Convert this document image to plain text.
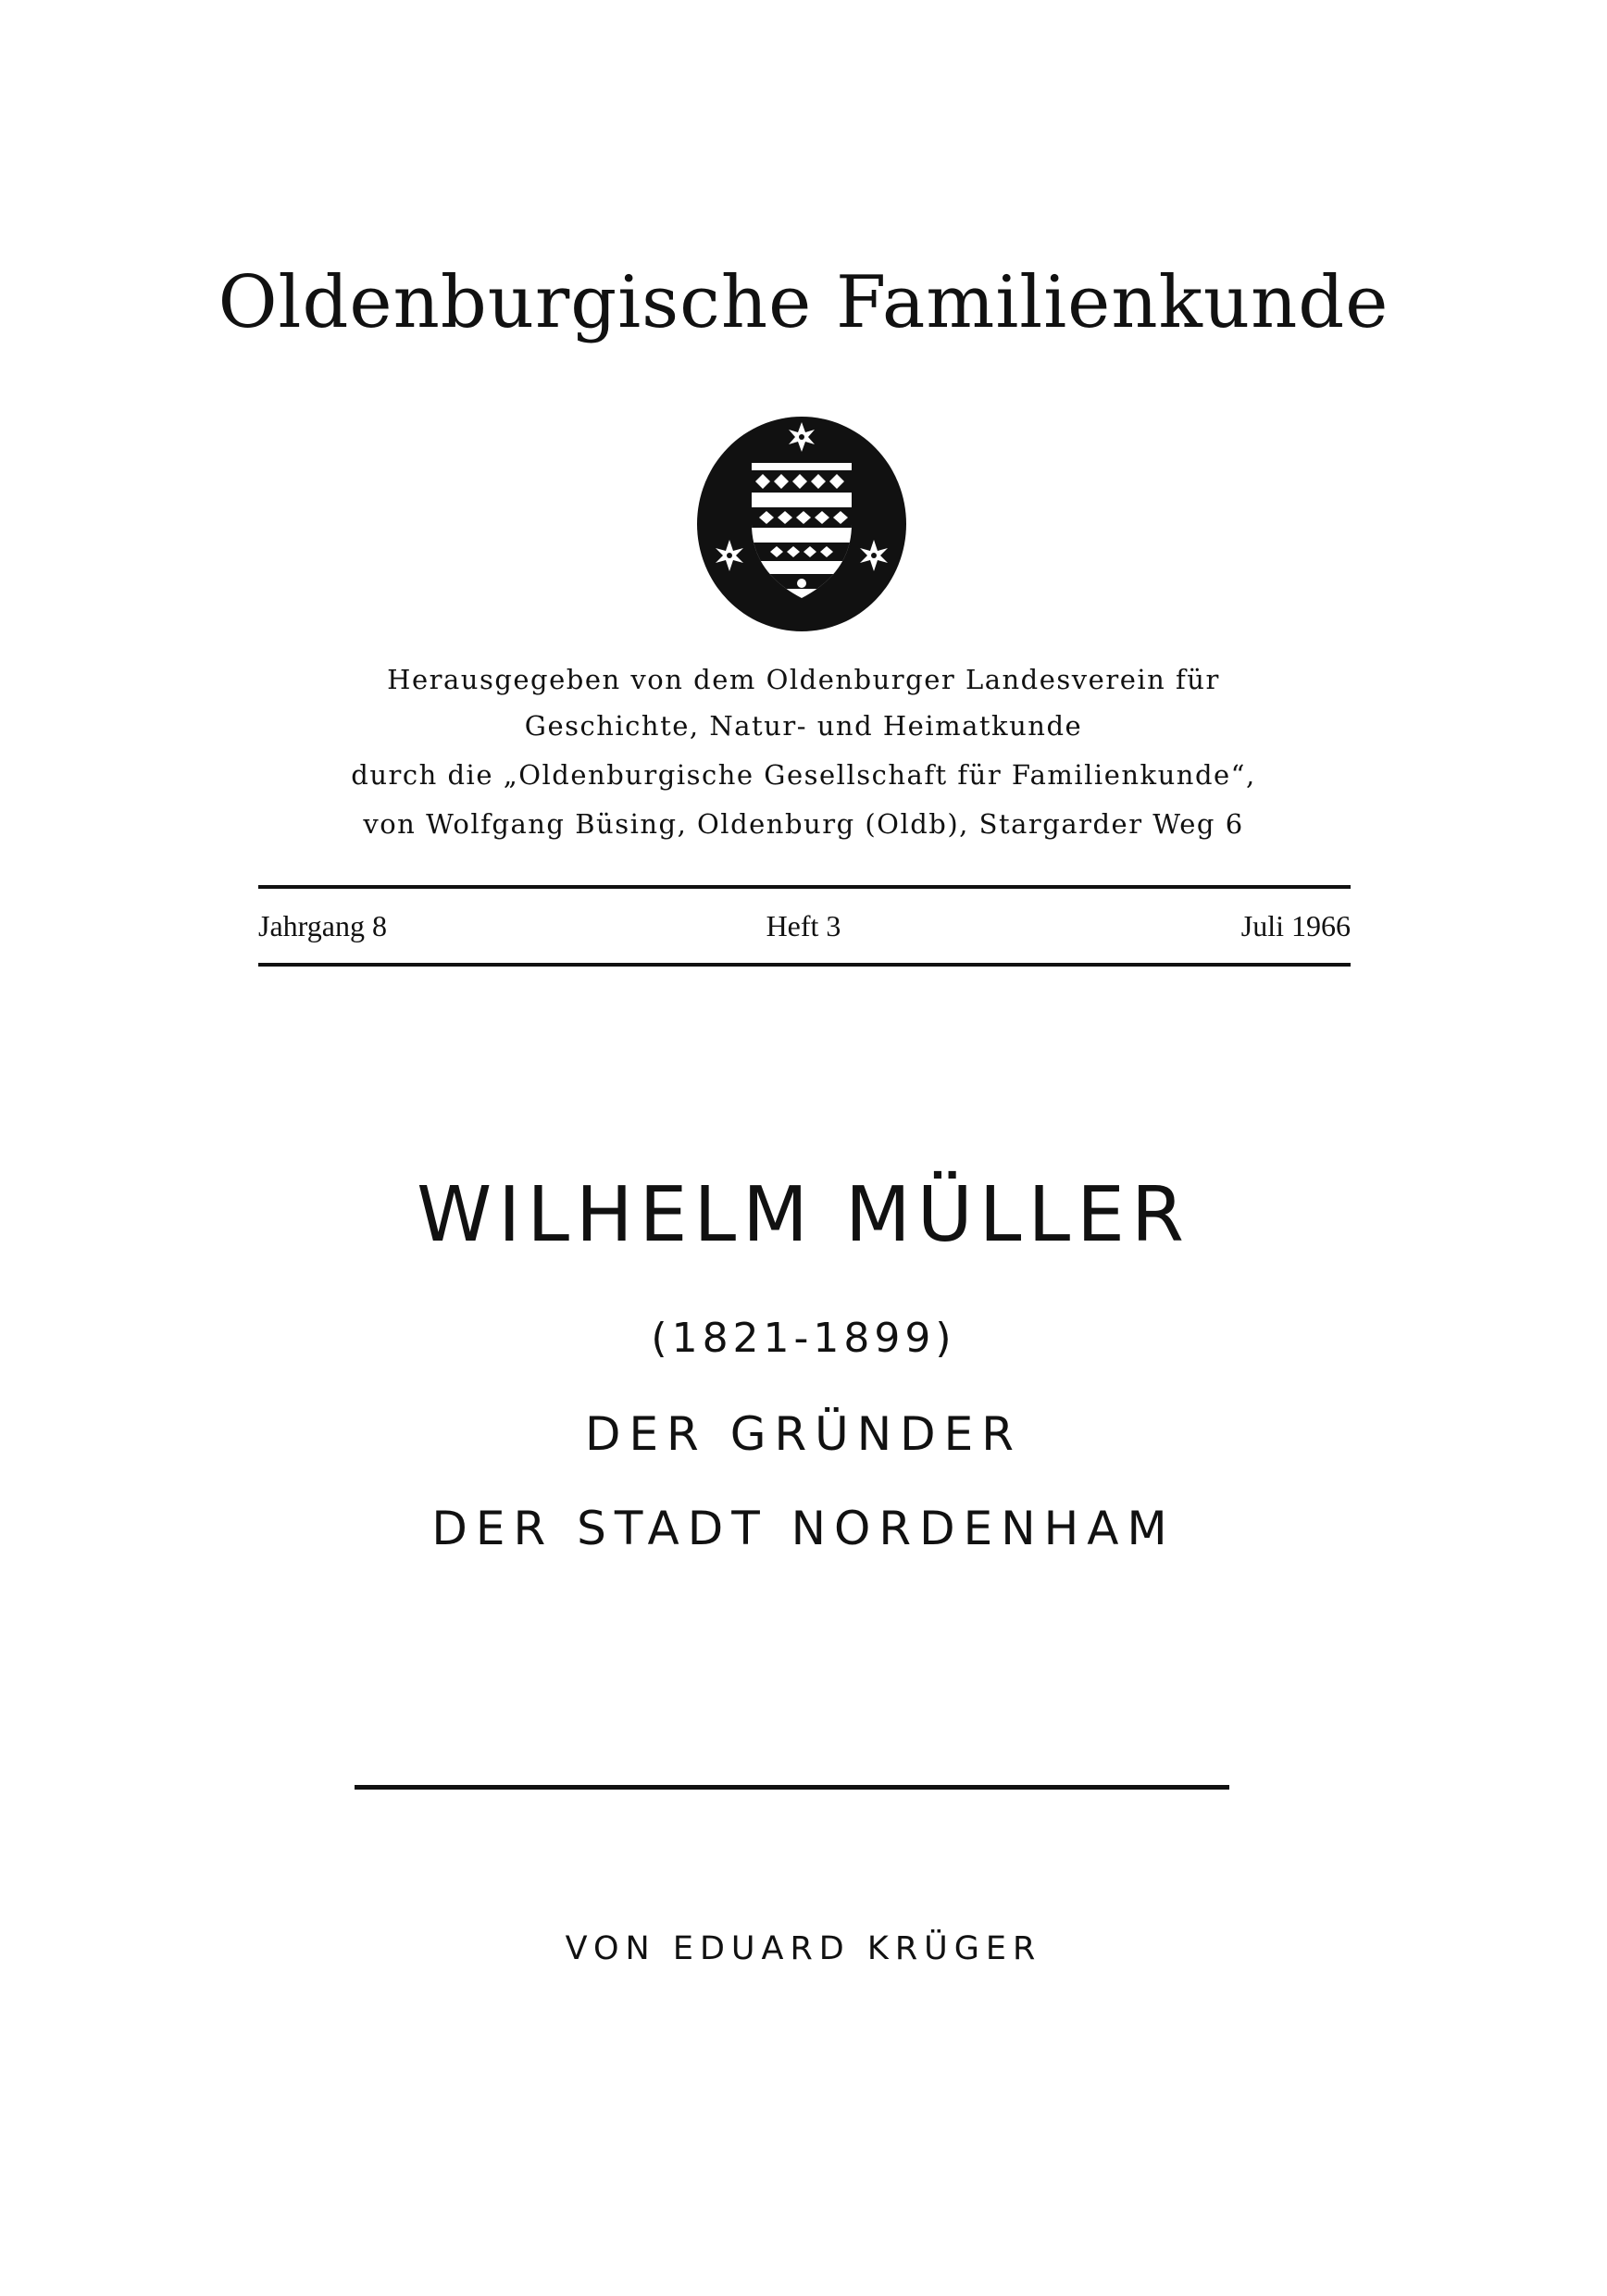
Oldenburgische Familienkunde
Herausgegeben von dem Oldenburger Landesverein für
Geschichte, Natur- und Heimatkunde
durch die „Oldenburgische Gesellschaft für Familienkunde“,
von Wolfgang Büsing, Oldenburg (Oldb), Stargarder Weg 6
Jahrgang 8	Heft 3	Juli 1966
WILHELM MÜLLER
(1821-1899)
DER GRÜNDER
DER STADT NORDENHAM
VON EDUARD KRÜGER
